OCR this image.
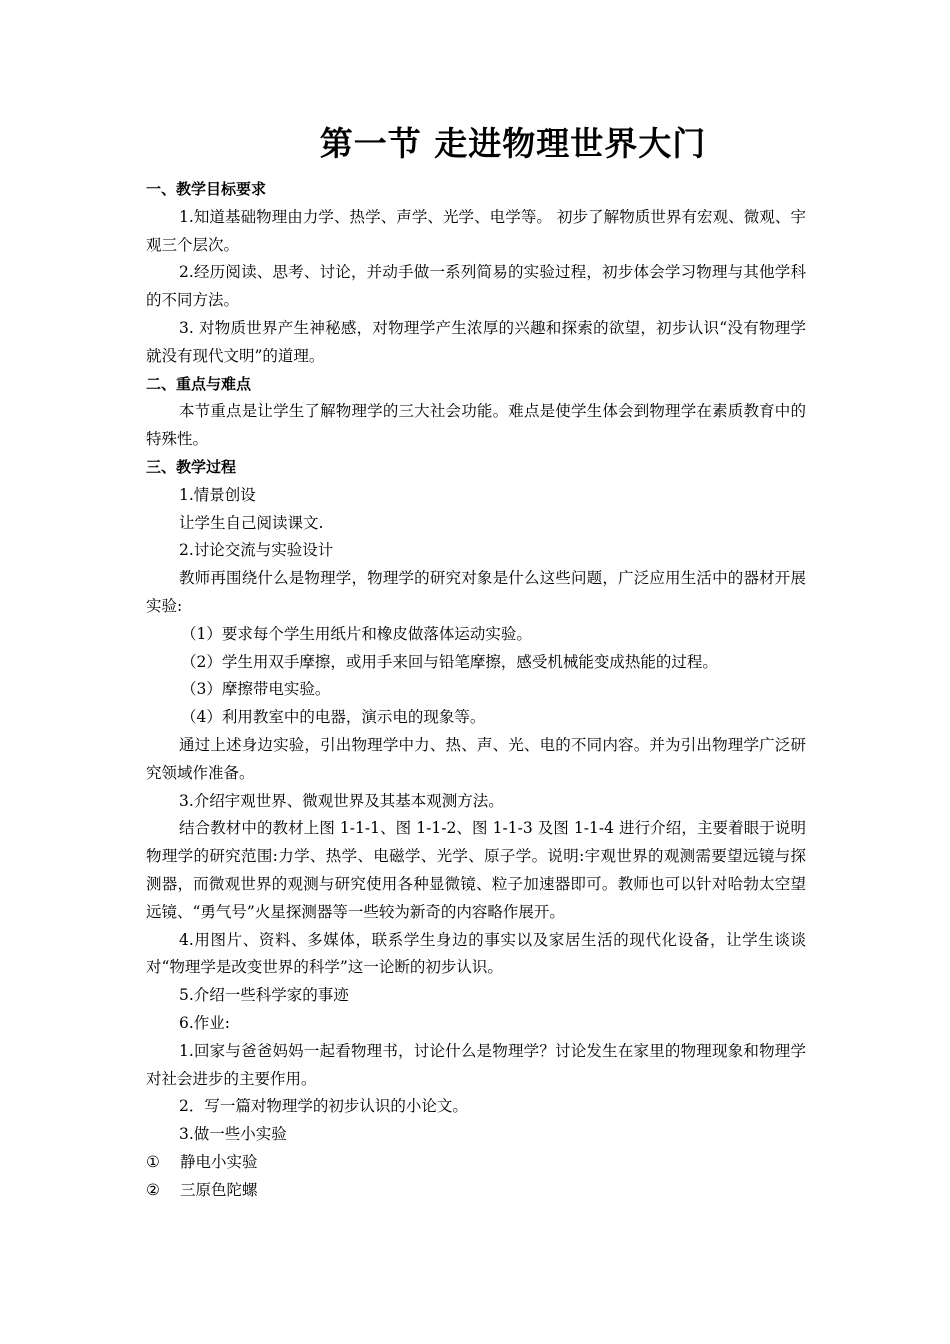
第一节 走进物理世界大门

一、教学目标要求

1.知道基础物理由力学、热学、声学、光学、电学等。 初步了解物质世界有宏观、微观、宇观三个层次。

2.经历阅读、思考、讨论，并动手做一系列简易的实验过程，初步体会学习物理与其他学科的不同方法。

3. 对物质世界产生神秘感，对物理学产生浓厚的兴趣和探索的欲望，初步认识“没有物理学就没有现代文明”的道理。

二、重点与难点

本节重点是让学生了解物理学的三大社会功能。难点是使学生体会到物理学在素质教育中的特殊性。

三、教学过程

1.情景创设

让学生自己阅读课文.

2.讨论交流与实验设计

教师再围绕什么是物理学，物理学的研究对象是什么这些问题，广泛应用生活中的器材开展实验:

（1）要求每个学生用纸片和橡皮做落体运动实验。

（2）学生用双手摩擦，或用手来回与铅笔摩擦，感受机械能变成热能的过程。

（3）摩擦带电实验。

（4）利用教室中的电器，演示电的现象等。

通过上述身边实验，引出物理学中力、热、声、光、电的不同内容。并为引出物理学广泛研究领域作准备。

3.介绍宇观世界、微观世界及其基本观测方法。

结合教材中的教材上图 1-1-1、图 1-1-2、图 1-1-3 及图 1-1-4 进行介绍，主要着眼于说明物理学的研究范围:力学、热学、电磁学、光学、原子学。说明:宇观世界的观测需要望远镜与探测器，而微观世界的观测与研究使用各种显微镜、粒子加速器即可。教师也可以针对哈勃太空望远镜、“勇气号”火星探测器等一些较为新奇的内容略作展开。

4.用图片、资料、多媒体，联系学生身边的事实以及家居生活的现代化设备，让学生谈谈对“物理学是改变世界的科学”这一论断的初步认识。

5.介绍一些科学家的事迹

6.作业:

1.回家与爸爸妈妈一起看物理书，讨论什么是物理学？讨论发生在家里的物理现象和物理学对社会进步的主要作用。

2．写一篇对物理学的初步认识的小论文。

3.做一些小实验

① 静电小实验

② 三原色陀螺
